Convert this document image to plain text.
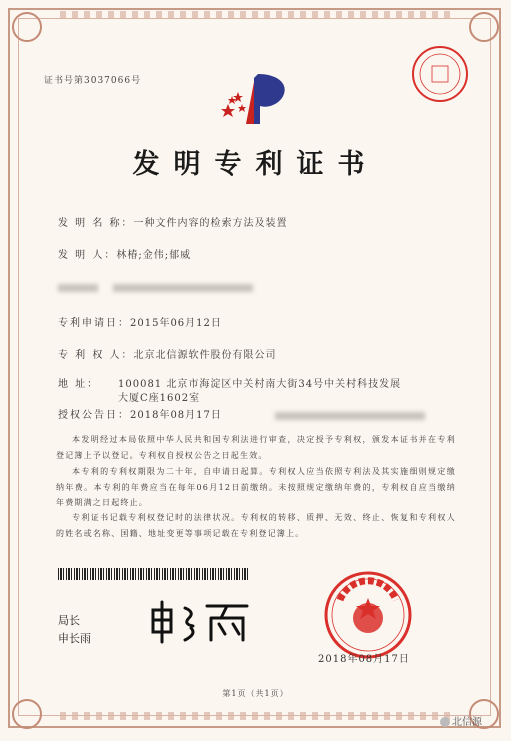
证书号第3037066号
发明专利证书
发 明 名 称：一种文件内容的检索方法及装置
发 明 人：林椿;金伟;郁威

专利申请日：2015年06月12日
专 利 权 人：北京北信源软件股份有限公司
地 址： 100081 北京市海淀区中关村南大街34号中关村科技发展
大厦C座1602室
授权公告日：2018年08月17日
本发明经过本局依照中华人民共和国专利法进行审查，决定授予专利权，颁发本证书并在专利登记簿上予以登记。专利权自授权公告之日起生效。
本专利的专利权期限为二十年，自申请日起算。专利权人应当依照专利法及其实施细则规定缴纳年费。本专利的年费应当在每年06月12日前缴纳。未按照规定缴纳年费的，专利权自应当缴纳年费期满之日起终止。
专利证书记载专利权登记时的法律状况。专利权的转移、质押、无效、终止、恢复和专利权人的姓名或名称、国籍、地址变更等事项记载在专利登记簿上。
局长
申长雨
2018年08月17日
第1页（共1页）
北信源
